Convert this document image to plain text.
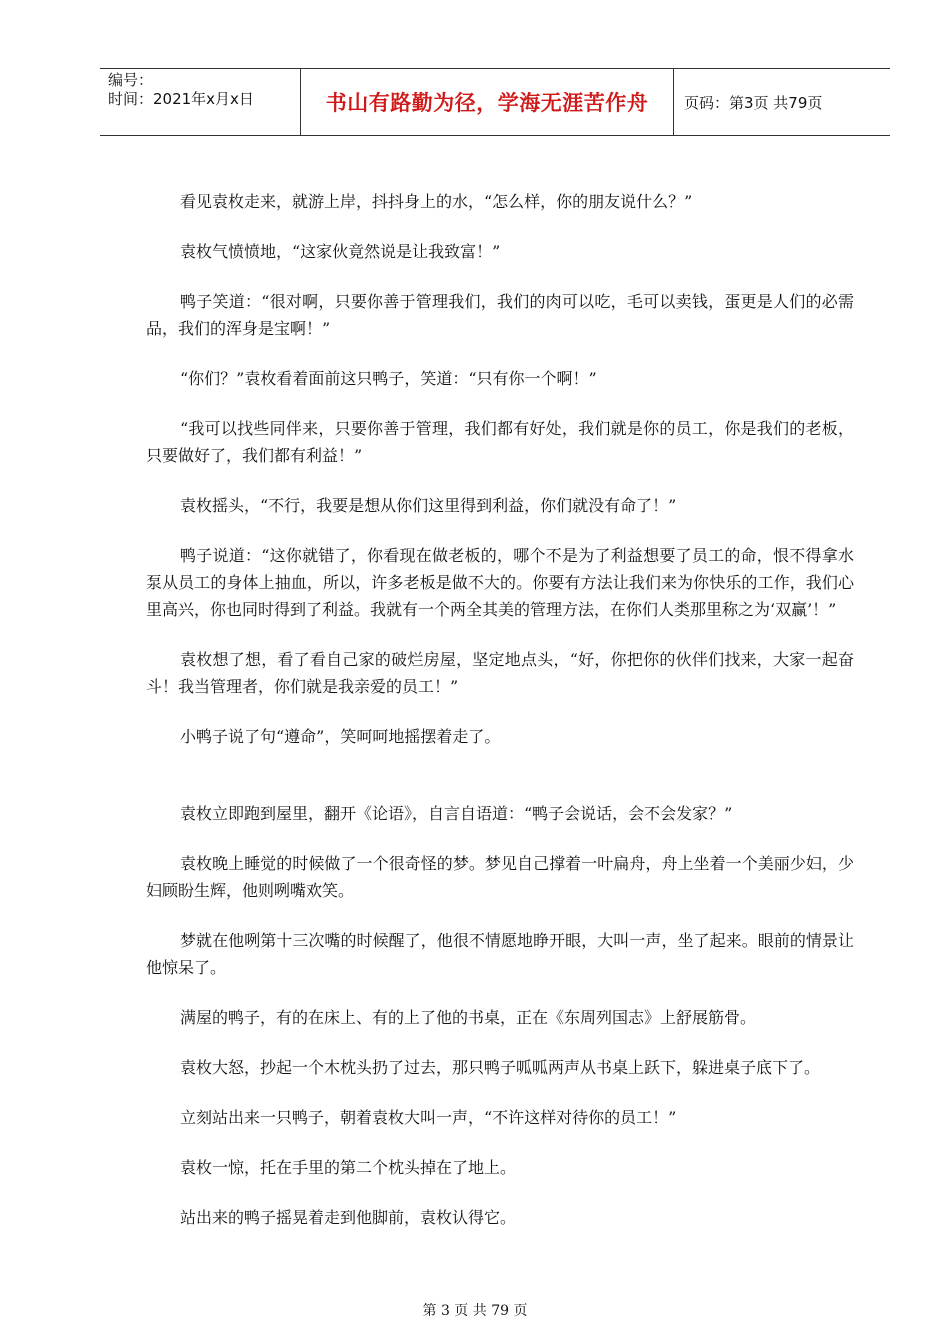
编号：
时间：2021年x月x日	书山有路勤为径，学海无涯苦作舟	页码：第3页 共79页

看见袁枚走来，就游上岸，抖抖身上的水，“怎么样，你的朋友说什么？”

袁枚气愤愤地，“这家伙竟然说是让我致富！”

鸭子笑道：“很对啊，只要你善于管理我们，我们的肉可以吃，毛可以卖钱，蛋更是人们的必需品，我们的浑身是宝啊！”

“你们？”袁枚看着面前这只鸭子，笑道：“只有你一个啊！”

“我可以找些同伴来，只要你善于管理，我们都有好处，我们就是你的员工，你是我们的老板，只要做好了，我们都有利益！”

袁枚摇头，“不行，我要是想从你们这里得到利益，你们就没有命了！”

鸭子说道：“这你就错了，你看现在做老板的，哪个不是为了利益想要了员工的命，恨不得拿水泵从员工的身体上抽血，所以，许多老板是做不大的。你要有方法让我们来为你快乐的工作，我们心里高兴，你也同时得到了利益。我就有一个两全其美的管理方法，在你们人类那里称之为‘双赢’！”

袁枚想了想，看了看自己家的破烂房屋，坚定地点头，“好，你把你的伙伴们找来，大家一起奋斗！我当管理者，你们就是我亲爱的员工！”

小鸭子说了句“遵命”，笑呵呵地摇摆着走了。

袁枚立即跑到屋里，翻开《论语》，自言自语道：“鸭子会说话，会不会发家？”

袁枚晚上睡觉的时候做了一个很奇怪的梦。梦见自己撑着一叶扁舟，舟上坐着一个美丽少妇，少妇顾盼生辉，他则咧嘴欢笑。

梦就在他咧第十三次嘴的时候醒了，他很不情愿地睁开眼，大叫一声，坐了起来。眼前的情景让他惊呆了。

满屋的鸭子，有的在床上、有的上了他的书桌，正在《东周列国志》上舒展筋骨。

袁枚大怒，抄起一个木枕头扔了过去，那只鸭子呱呱两声从书桌上跃下，躲进桌子底下了。

立刻站出来一只鸭子，朝着袁枚大叫一声，“不许这样对待你的员工！”

袁枚一惊，托在手里的第二个枕头掉在了地上。

站出来的鸭子摇晃着走到他脚前，袁枚认得它。

第 3 页 共 79 页
